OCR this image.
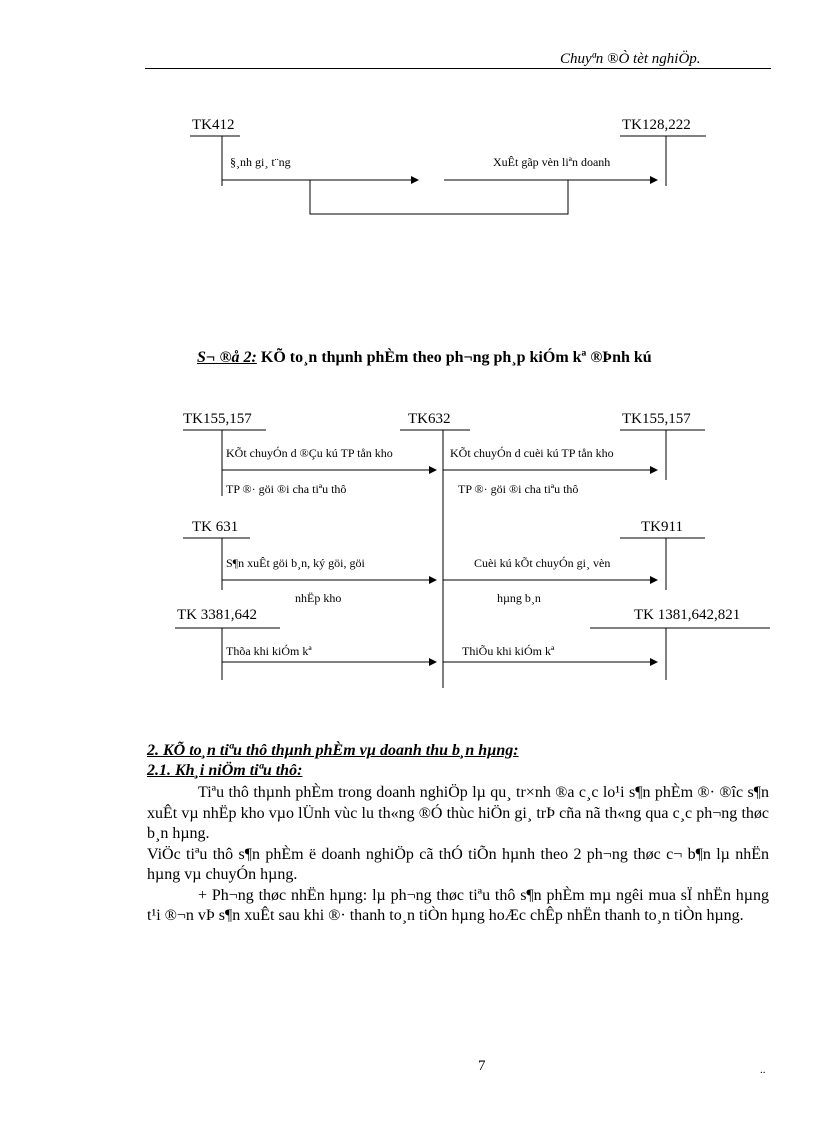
Chuyªn ®Ò tèt nghiÖp.
TK412	TK128,222
§¸nh gi¸ t¨ng	XuÊt gãp vèn liªn doanh
S¬ ®å 2: KÕ to¸n thµnh phÈm theo ph¬ng ph¸p kiÓm kª ®Þnh kú
TK155,157	TK632	TK155,157
TK 631	TK911
TK 3381,642	TK 1381,642,821
KÕt chuyÓn d ®Çu kú TP tån kho
TP ®· göi ®i cha tiªu thô
KÕt chuyÓn d cuèi kú TP tån kho
TP ®· göi ®i cha tiªu thô
S¶n xuÊt göi b¸n, ký göi, göi
nhËp kho
Cuèi kú kÕt chuyÓn gi¸ vèn
hµng b¸n
Thõa khi kiÓm kª	ThiÕu khi kiÓm kª
2. KÕ to¸n tiªu thô thµnh phÈm vµ doanh thu b¸n hµng:
2.1. Kh¸i niÖm tiªu thô:

Tiªu thô thµnh phÈm trong doanh nghiÖp lµ qu¸ tr×nh ®a c¸c lo¹i s¶n phÈm ®· ®îc s¶n xuÊt vµ nhËp kho vµo lÜnh vùc lu th«ng ®Ó thùc hiÖn gi¸ trÞ cña nã th«ng qua c¸c ph¬ng thøc b¸n hµng.

ViÖc tiªu thô s¶n phÈm ë doanh nghiÖp cã thÓ tiÕn hµnh theo 2 ph¬ng thøc c¬ b¶n lµ nhËn hµng vµ chuyÓn hµng.

+ Ph¬ng thøc nhËn hµng: lµ ph¬ng thøc tiªu thô s¶n phÈm mµ ngêi mua sÏ nhËn hµng t¹i ®¬n vÞ s¶n xuÊt sau khi ®· thanh to¸n tiÒn hµng hoÆc chÊp nhËn thanh to¸n tiÒn hµng.

7	..
